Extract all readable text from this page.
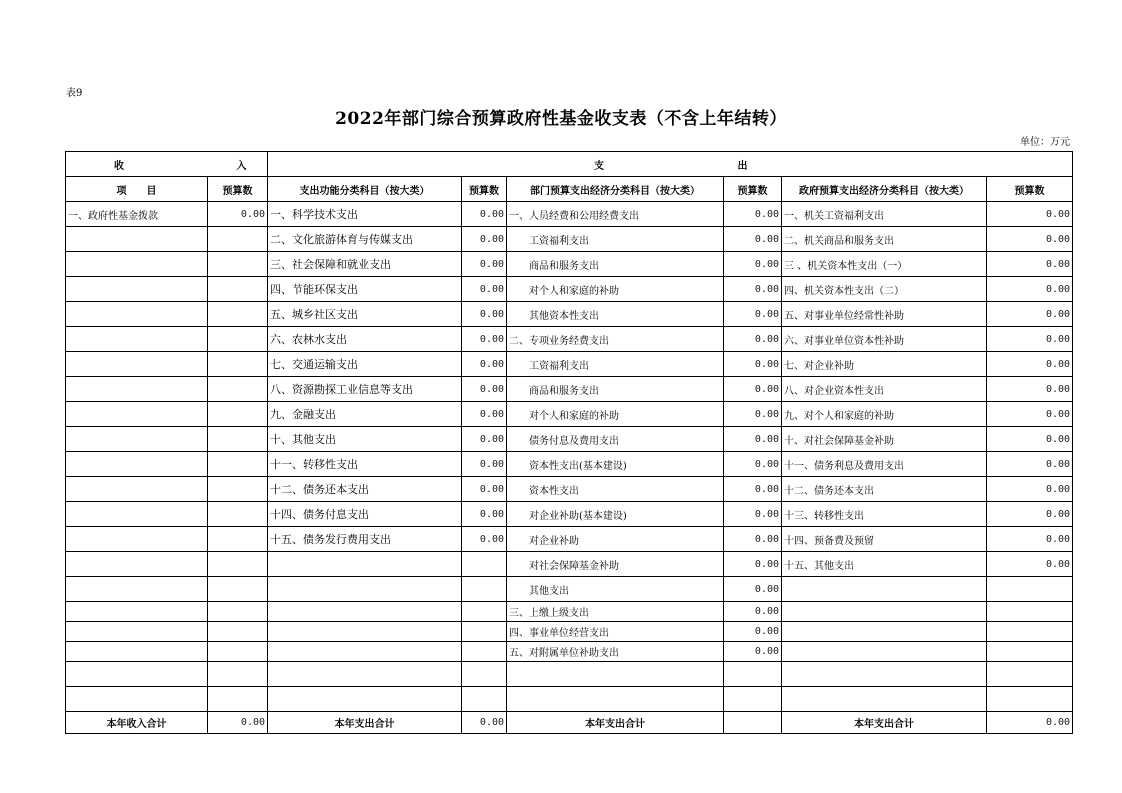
表9
2022年部门综合预算政府性基金收支表（不含上年结转）
单位：万元
收 入		支 出					
项　　目	预算数	支出功能分类科目（按大类）	预算数	部门预算支出经济分类科目（按大类）	预算数	政府预算支出经济分类科目（按大类）	预算数
一、政府性基金拨款	0.00	一、科学技术支出	0.00	一、人员经费和公用经费支出	0.00	一、机关工资福利支出	0.00
		二、文化旅游体育与传媒支出	0.00	工资福利支出	0.00	二、机关商品和服务支出	0.00
		三、社会保障和就业支出	0.00	商品和服务支出	0.00	三 、机关资本性支出（一）	0.00
		四、节能环保支出	0.00	对个人和家庭的补助	0.00	四、机关资本性支出（二）	0.00
		五、城乡社区支出	0.00	其他资本性支出	0.00	五、对事业单位经常性补助	0.00
		六、农林水支出	0.00	二、专项业务经费支出	0.00	六、对事业单位资本性补助	0.00
		七、交通运输支出	0.00	工资福利支出	0.00	七、对企业补助	0.00
		八、资源勘探工业信息等支出	0.00	商品和服务支出	0.00	八、对企业资本性支出	0.00
		九、金融支出	0.00	对个人和家庭的补助	0.00	九、对个人和家庭的补助	0.00
		十、其他支出	0.00	债务付息及费用支出	0.00	十、对社会保障基金补助	0.00
		十一、转移性支出	0.00	资本性支出(基本建设)	0.00	十一、债务利息及费用支出	0.00
		十二、债务还本支出	0.00	资本性支出	0.00	十二、债务还本支出	0.00
		十四、债务付息支出	0.00	对企业补助(基本建设)	0.00	十三、转移性支出	0.00
		十五、债务发行费用支出	0.00	对企业补助	0.00	十四、预备费及预留	0.00
				对社会保障基金补助	0.00	十五、其他支出	0.00
				其他支出	0.00		
				三、上缴上级支出	0.00		
				四、事业单位经营支出	0.00		
				五、对附属单位补助支出	0.00		

本年收入合计	0.00	本年支出合计	0.00	本年支出合计		本年支出合计	0.00
